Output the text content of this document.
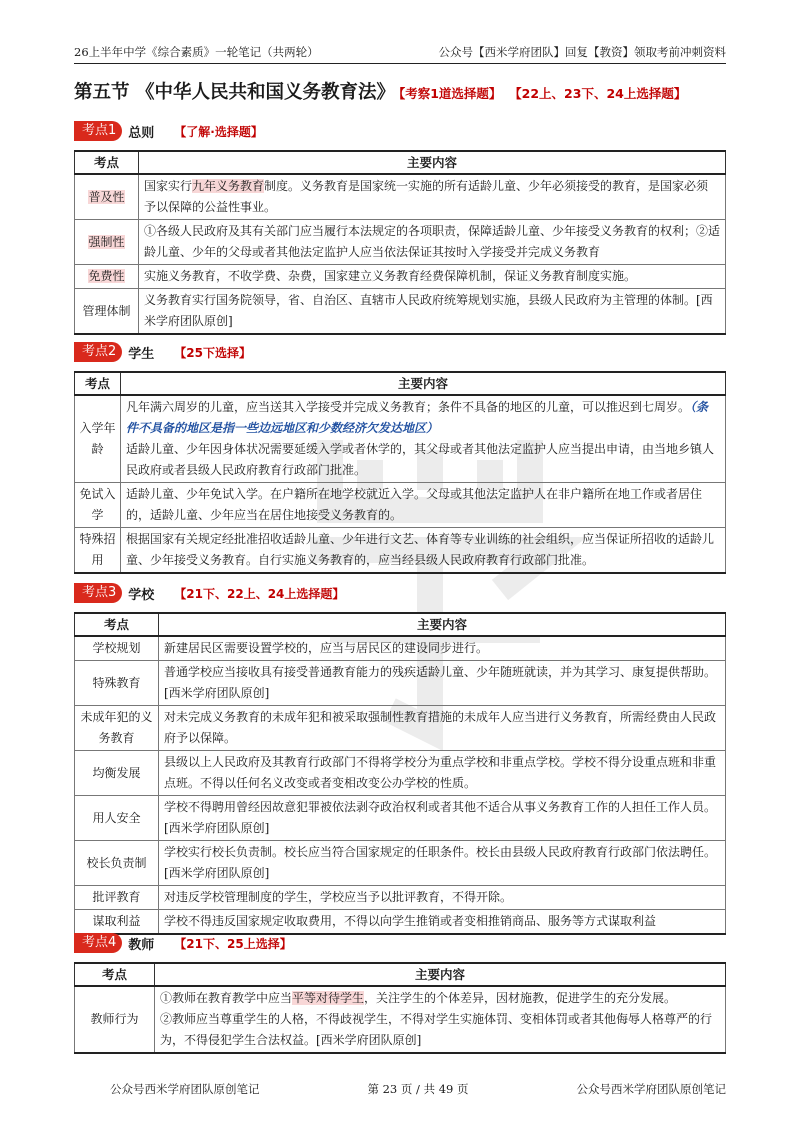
26上半年中学《综合素质》一轮笔记（共两轮）	公众号【西米学府团队】回复【教资】领取考前冲刺资料
第五节 《中华人民共和国义务教育法》 【考察1道选择题】 【22上、23下、24上选择题】
考点1 总则 【了解·选择题】
考点	主要内容
普及性	国家实行九年义务教育制度。义务教育是国家统一实施的所有适龄儿童、少年必须接受的教育，是国家必须予以保障的公益性事业。
强制性	①各级人民政府及其有关部门应当履行本法规定的各项职责，保障适龄儿童、少年接受义务教育的权利；②适龄儿童、少年的父母或者其他法定监护人应当依法保证其按时入学接受并完成义务教育
免费性	实施义务教育，不收学费、杂费，国家建立义务教育经费保障机制，保证义务教育制度实施。
管理体制	义务教育实行国务院领导，省、自治区、直辖市人民政府统筹规划实施，县级人民政府为主管理的体制。[西米学府团队原创]
考点2 学生 【25下选择】
考点	主要内容
入学年龄	凡年满六周岁的儿童，应当送其入学接受并完成义务教育；条件不具备的地区的儿童，可以推迟到七周岁。（条件不具备的地区是指一些边远地区和少数经济欠发达地区）
适龄儿童、少年因身体状况需要延缓入学或者休学的，其父母或者其他法定监护人应当提出申请，由当地乡镇人民政府或者县级人民政府教育行政部门批准。
免试入学	适龄儿童、少年免试入学。在户籍所在地学校就近入学。父母或其他法定监护人在非户籍所在地工作或者居住的，适龄儿童、少年应当在居住地接受义务教育的。
特殊招用	根据国家有关规定经批准招收适龄儿童、少年进行文艺、体育等专业训练的社会组织，应当保证所招收的适龄儿童、少年接受义务教育。自行实施义务教育的，应当经县级人民政府教育行政部门批准。
考点3 学校 【21下、22上、24上选择题】
考点	主要内容
学校规划	新建居民区需要设置学校的，应当与居民区的建设同步进行。
特殊教育	普通学校应当接收具有接受普通教育能力的残疾适龄儿童、少年随班就读，并为其学习、康复提供帮助。[西米学府团队原创]
未成年犯的义务教育	对未完成义务教育的未成年犯和被采取强制性教育措施的未成年人应当进行义务教育，所需经费由人民政府予以保障。
均衡发展	县级以上人民政府及其教育行政部门不得将学校分为重点学校和非重点学校。学校不得分设重点班和非重点班。不得以任何名义改变或者变相改变公办学校的性质。
用人安全	学校不得聘用曾经因故意犯罪被依法剥夺政治权利或者其他不适合从事义务教育工作的人担任工作人员。[西米学府团队原创]
校长负责制	学校实行校长负责制。校长应当符合国家规定的任职条件。校长由县级人民政府教育行政部门依法聘任。[西米学府团队原创]
批评教育	对违反学校管理制度的学生，学校应当予以批评教育，不得开除。
谋取利益	学校不得违反国家规定收取费用，不得以向学生推销或者变相推销商品、服务等方式谋取利益
考点4 教师 【21下、25上选择】
考点	主要内容
教师行为	①教师在教育教学中应当平等对待学生，关注学生的个体差异，因材施教，促进学生的充分发展。
②教师应当尊重学生的人格，不得歧视学生，不得对学生实施体罚、变相体罚或者其他侮辱人格尊严的行为，不得侵犯学生合法权益。[西米学府团队原创]
公众号西米学府团队原创笔记	第 23 页 / 共 49 页	公众号西米学府团队原创笔记
